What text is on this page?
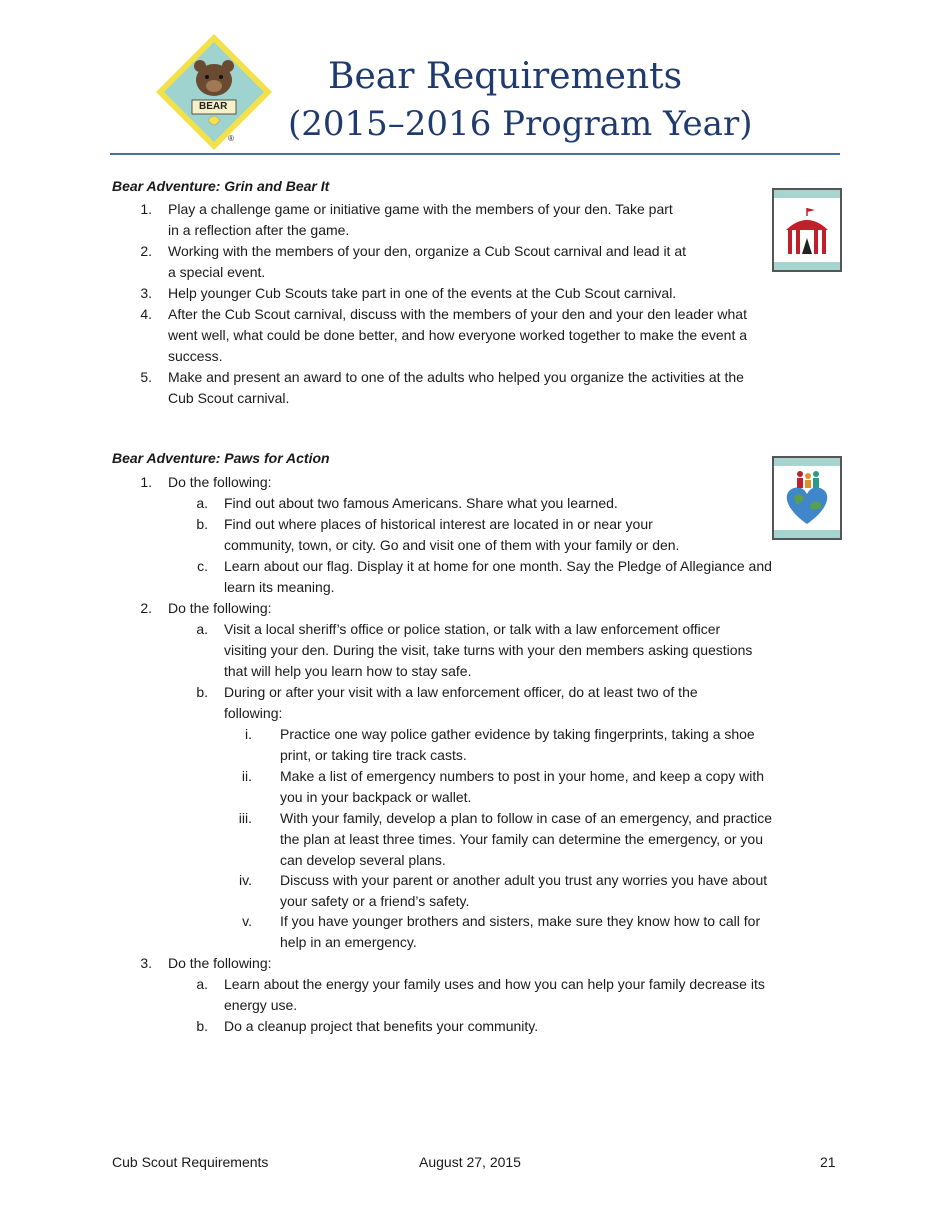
BEAR
®
Bear Requirements
(2015–2016 Program Year)
Bear Adventure: Grin and Bear It
1. Play a challenge game or initiative game with the members of your den. Take part
in a reflection after the game.
2. Working with the members of your den, organize a Cub Scout carnival and lead it at
a special event.
3. Help younger Cub Scouts take part in one of the events at the Cub Scout carnival.
4. After the Cub Scout carnival, discuss with the members of your den and your den leader what
went well, what could be done better, and how everyone worked together to make the event a
success.
5. Make and present an award to one of the adults who helped you organize the activities at the
Cub Scout carnival.
Bear Adventure: Paws for Action
1. Do the following:
a. Find out about two famous Americans. Share what you learned.
b. Find out where places of historical interest are located in or near your
community, town, or city. Go and visit one of them with your family or den.
c. Learn about our flag. Display it at home for one month. Say the Pledge of Allegiance and
learn its meaning.
2. Do the following:
a. Visit a local sheriff’s office or police station, or talk with a law enforcement officer
visiting your den. During the visit, take turns with your den members asking questions
that will help you learn how to stay safe.
b. During or after your visit with a law enforcement officer, do at least two of the
following:
i. Practice one way police gather evidence by taking fingerprints, taking a shoe
print, or taking tire track casts.
ii. Make a list of emergency numbers to post in your home, and keep a copy with
you in your backpack or wallet.
iii. With your family, develop a plan to follow in case of an emergency, and practice
the plan at least three times. Your family can determine the emergency, or you
can develop several plans.
iv. Discuss with your parent or another adult you trust any worries you have about
your safety or a friend’s safety.
v. If you have younger brothers and sisters, make sure they know how to call for
help in an emergency.
3. Do the following:
a. Learn about the energy your family uses and how you can help your family decrease its
energy use.
b. Do a cleanup project that benefits your community.
Cub Scout Requirements	August 27, 2015	21
